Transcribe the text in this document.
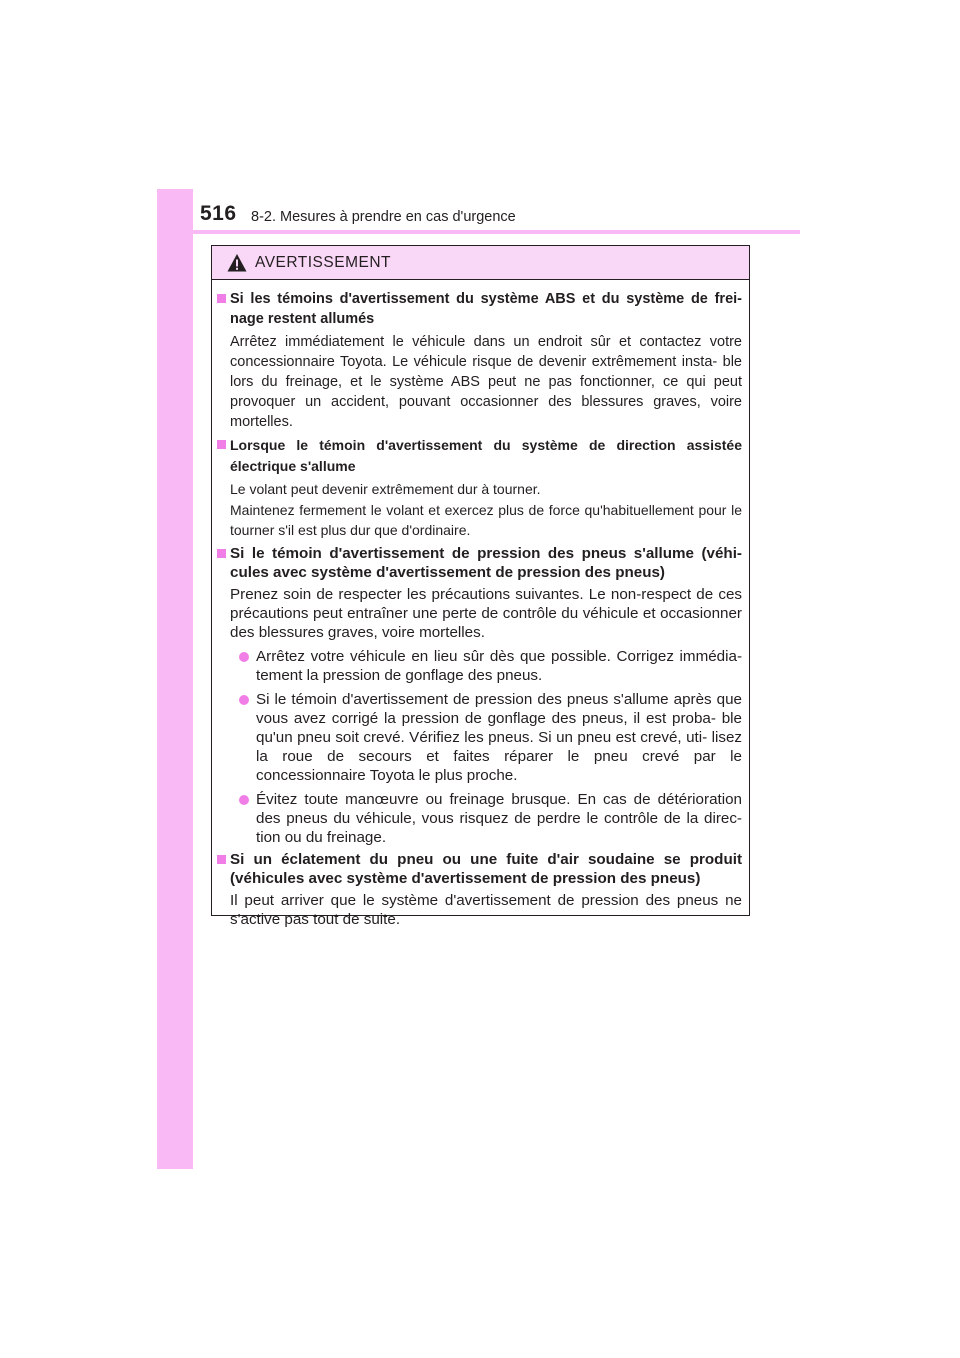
516 8-2. Mesures à prendre en cas d'urgence
AVERTISSEMENT
Si les témoins d'avertissement du système ABS et du système de frei- nage restent allumés

Arrêtez immédiatement le véhicule dans un endroit sûr et contactez votre concessionnaire Toyota. Le véhicule risque de devenir extrêmement insta- ble lors du freinage, et le système ABS peut ne pas fonctionner, ce qui peut provoquer un accident, pouvant occasionner des blessures graves, voire mortelles.

Lorsque le témoin d'avertissement du système de direction assistée électrique s'allume

Le volant peut devenir extrêmement dur à tourner.

Maintenez fermement le volant et exercez plus de force qu'habituellement pour le tourner s'il est plus dur que d'ordinaire.

Si le témoin d'avertissement de pression des pneus s'allume (véhi- cules avec système d'avertissement de pression des pneus)

Prenez soin de respecter les précautions suivantes. Le non-respect de ces précautions peut entraîner une perte de contrôle du véhicule et occasionner des blessures graves, voire mortelles.

Arrêtez votre véhicule en lieu sûr dès que possible. Corrigez immédia- tement la pression de gonflage des pneus.
Si le témoin d'avertissement de pression des pneus s'allume après que vous avez corrigé la pression de gonflage des pneus, il est proba- ble qu'un pneu soit crevé. Vérifiez les pneus. Si un pneu est crevé, uti- lisez la roue de secours et faites réparer le pneu crevé par le concessionnaire Toyota le plus proche.
Évitez toute manœuvre ou freinage brusque. En cas de détérioration des pneus du véhicule, vous risquez de perdre le contrôle de la direc- tion ou du freinage.
Si un éclatement du pneu ou une fuite d'air soudaine se produit (véhicules avec système d'avertissement de pression des pneus)

Il peut arriver que le système d'avertissement de pression des pneus ne s'active pas tout de suite.
